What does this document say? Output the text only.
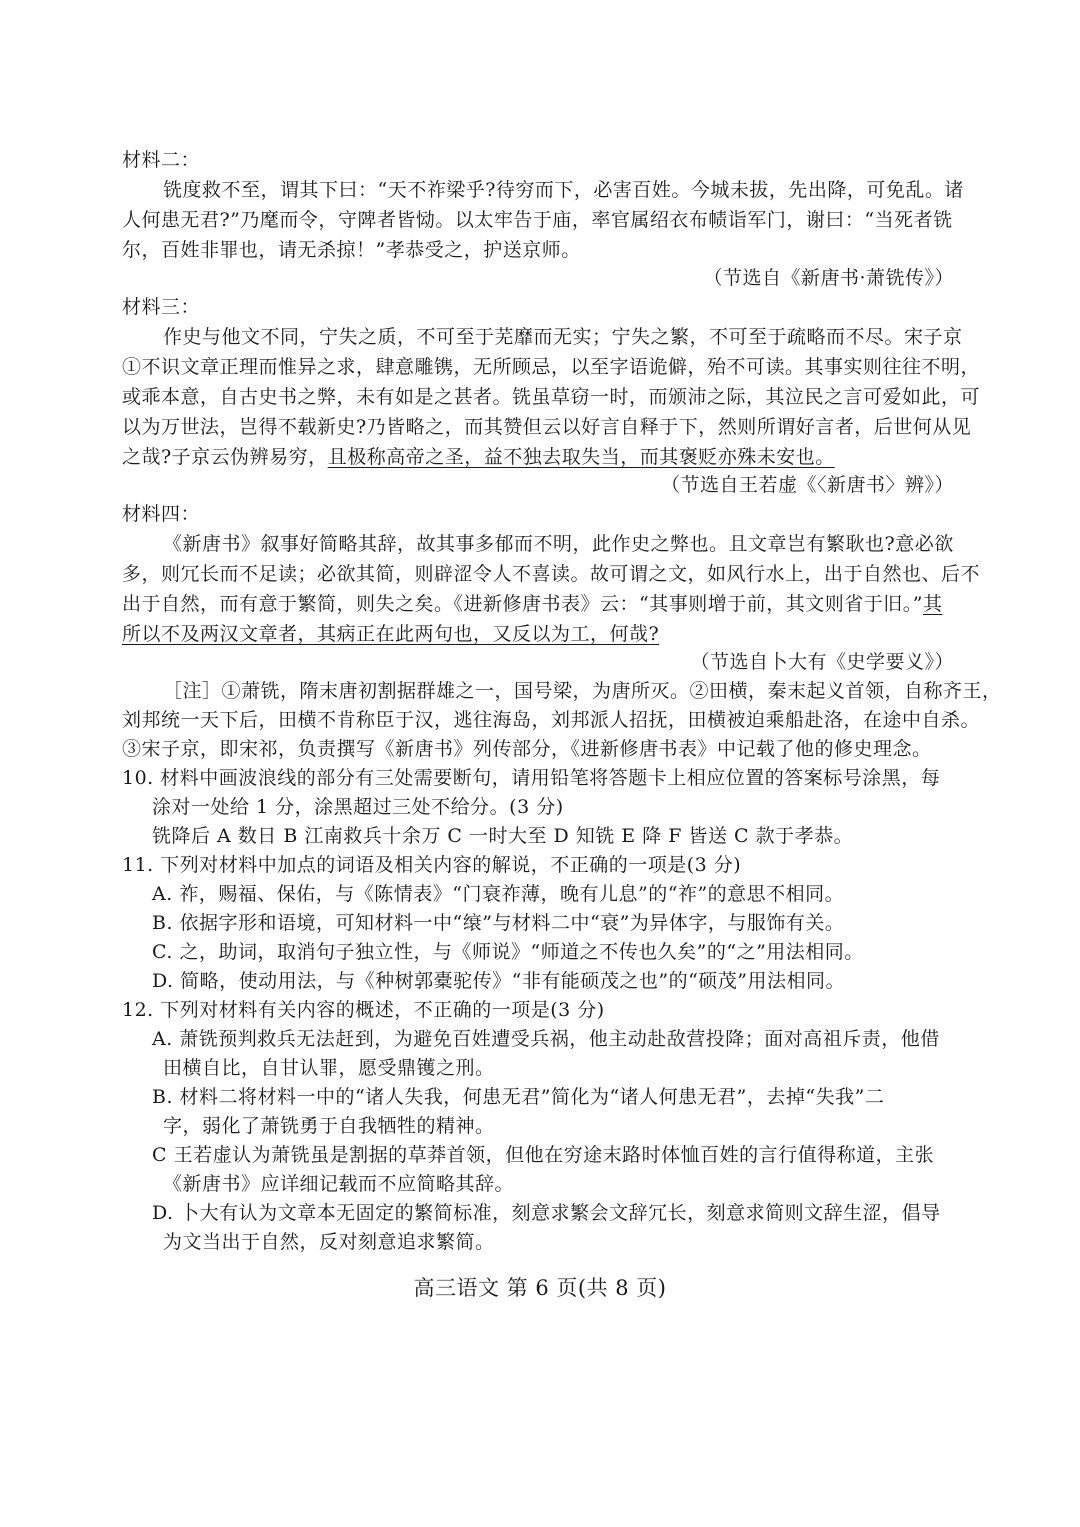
材料二：
铣度救不至，谓其下曰：“天不祚梁乎?待穷而下，必害百姓。今城未拔，先出降，可免乱。诸
人何患无君?”乃麾而令，守陴者皆恸。以太牢告于庙，率官属绍衣布帻诣军门，谢曰：“当死者铣
尔，百姓非罪也，请无杀掠！”孝恭受之，护送京师。
（节选自《新唐书·萧铣传》）
材料三：
作史与他文不同，宁失之质，不可至于芜靡而无实；宁失之繁，不可至于疏略而不尽。宋子京
①不识文章正理而惟异之求，肆意雕镌，无所顾忌，以至字语诡僻，殆不可读。其事实则往往不明，
或乖本意，自古史书之弊，未有如是之甚者。铣虽草窃一时，而颁沛之际，其泣民之言可爱如此，可
以为万世法，岂得不载新史?乃皆略之，而其赞但云以好言自释于下，然则所谓好言者，后世何从见
之哉?子京云伪辨易穷，且极称高帝之圣，益不独去取失当，而其褒贬亦殊未安也。
（节选自王若虚《〈新唐书〉辨》）
材料四：
《新唐书》叙事好简略其辞，故其事多郁而不明，此作史之弊也。且文章岂有繁耿也?意必欲
多，则冗长而不足读；必欲其简，则辟涩令人不喜读。故可谓之文，如风行水上，出于自然也、后不
出于自然，而有意于繁简，则失之矣。《进新修唐书表》云：“其事则增于前，其文则省于旧。”其
所以不及两汉文章者，其病正在此两句也，又反以为工，何哉?
（节选自卜大有《史学要义》）
［注］①萧铣，隋末唐初割据群雄之一，国号梁，为唐所灭。②田横，秦末起义首领，自称齐王，
刘邦统一天下后，田横不肯称臣于汉，逃往海岛，刘邦派人招抚，田横被迫乘船赴洛，在途中自杀。
③宋子京，即宋祁，负责撰写《新唐书》列传部分，《进新修唐书表》中记载了他的修史理念。
10. 材料中画波浪线的部分有三处需要断句，请用铅笔将答题卡上相应位置的答案标号涂黑，每
涂对一处给 1 分，涂黑超过三处不给分。(3 分)
铣降后 A 数日 B 江南救兵十余万 C 一时大至 D 知铣 E 降 F 皆送 C 款于孝恭。
11. 下列对材料中加点的词语及相关内容的解说，不正确的一项是(3 分)
A. 祚，赐福、保佑，与《陈情表》“门衰祚薄，晚有儿息”的“祚”的意思不相同。
B. 依据字形和语境，可知材料一中“缞”与材料二中“衰”为异体字，与服饰有关。
C. 之，助词，取消句子独立性，与《师说》“师道之不传也久矣”的“之”用法相同。
D. 简略，使动用法，与《种树郭橐驼传》“非有能硕茂之也”的“硕茂”用法相同。
12. 下列对材料有关内容的概述，不正确的一项是(3 分)
A. 萧铣预判救兵无法赶到，为避免百姓遭受兵祸，他主动赴敌营投降；面对高祖斥责，他借
田横自比，自甘认罪，愿受鼎镬之刑。
B. 材料二将材料一中的“诸人失我，何患无君”简化为“诸人何患无君”，去掉“失我”二
字，弱化了萧铣勇于自我牺牲的精神。
C 王若虚认为萧铣虽是割据的草莽首领，但他在穷途末路时体恤百姓的言行值得称道，主张
《新唐书》应详细记载而不应简略其辞。
D. 卜大有认为文章本无固定的繁简标准，刻意求繁会文辞冗长，刻意求简则文辞生涩，倡导
为文当出于自然，反对刻意追求繁简。
高三语文 第 6 页(共 8 页)
